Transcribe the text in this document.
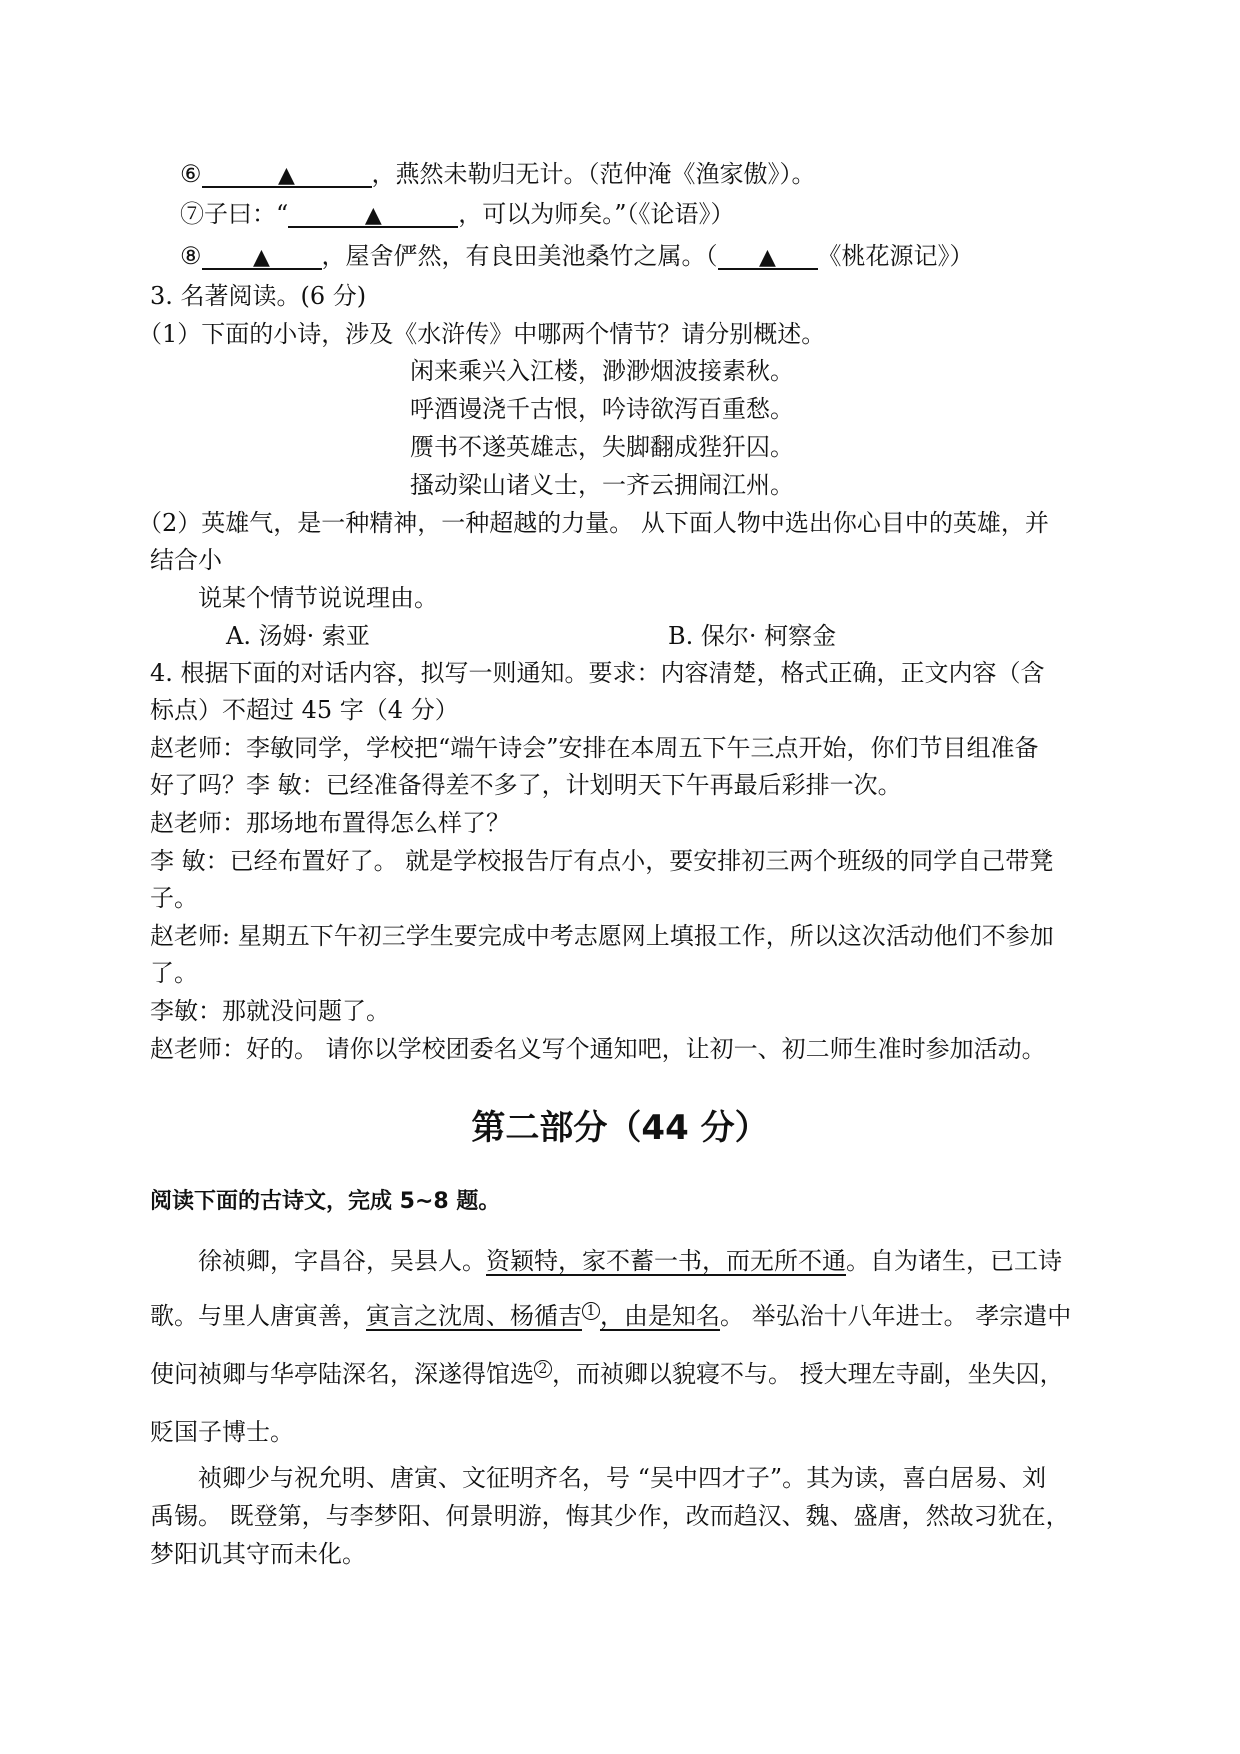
⑥	▲	，燕然未勒归无计。（范仲淹《渔家傲》）。
⑦子曰：“	▲	，可以为师矣。”（《论语》）
⑧ ▲ ，屋舍俨然，有良田美池桑竹之属。（ ▲ 《桃花源记》）
3. 名著阅读。(6 分)
（1）下面的小诗，涉及《水浒传》中哪两个情节？请分别概述。
闲来乘兴入江楼，渺渺烟波接素秋。
呼酒谩浇千古恨，吟诗欲泻百重愁。
赝书不遂英雄志，失脚翻成狴犴囚。
搔动梁山诸义士，一齐云拥闹江州。
（2）英雄气，是一种精神，一种超越的力量。 从下面人物中选出你心目中的英雄，并
结合小
说某个情节说说理由。
A. 汤姆· 索亚	B. 保尔· 柯察金
4. 根据下面的对话内容，拟写一则通知。要求：内容清楚，格式正确，正文内容（含
标点）不超过 45 字（4 分）
赵老师：李敏同学，学校把“端午诗会”安排在本周五下午三点开始，你们节目组准备
好了吗？李 敏：已经准备得差不多了，计划明天下午再最后彩排一次。
赵老师：那场地布置得怎么样了？
李 敏：已经布置好了。 就是学校报告厅有点小，要安排初三两个班级的同学自己带凳
子。
赵老师: 星期五下午初三学生要完成中考志愿网上填报工作，所以这次活动他们不参加
了。
李敏：那就没问题了。
赵老师：好的。 请你以学校团委名义写个通知吧，让初一、初二师生准时参加活动。
第二部分（44 分）
阅读下面的古诗文，完成 5~8 题。
徐祯卿，字昌谷，吴县人。资颖特，家不蓄一书，而无所不通。自为诸生，已工诗
歌。与里人唐寅善，寅言之沈周、杨循吉 1 ，由是知名。 举弘治十八年进士。 孝宗遣中
使问祯卿与华亭陆深名，深遂得馆选 2 ，而祯卿以貌寝不与。 授大理左寺副，坐失囚，
贬国子博士。
祯卿少与祝允明、唐寅、文征明齐名，号 “吴中四才子”。其为读，喜白居易、刘
禹锡。 既登第，与李梦阳、何景明游，悔其少作，改而趋汉、魏、盛唐，然故习犹在，
梦阳讥其守而未化。
